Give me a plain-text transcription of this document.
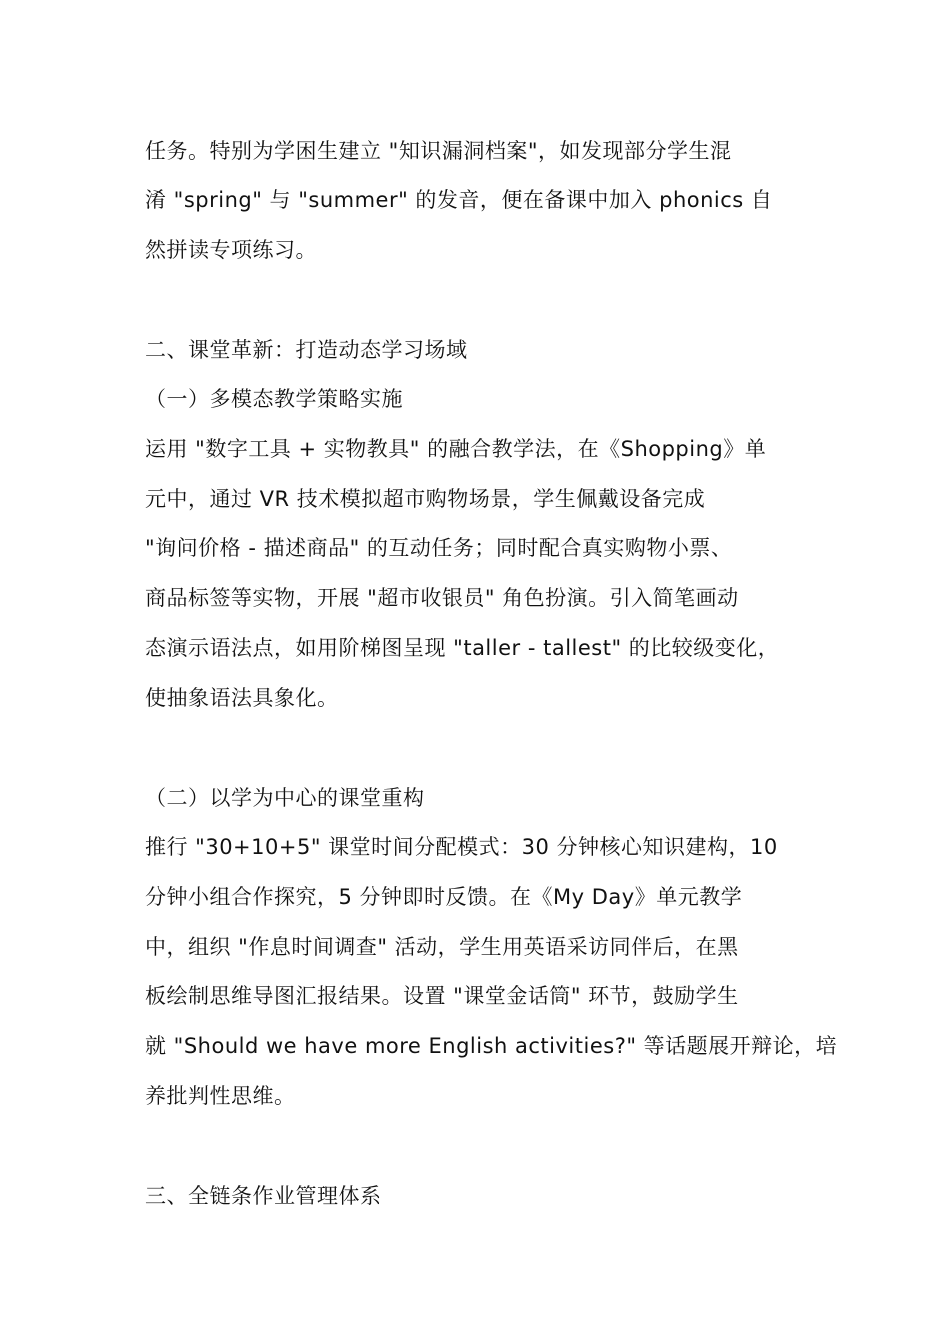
任务。特别为学困生建立 "知识漏洞档案"，如发现部分学生混
淆 "spring" 与 "summer" 的发音，便在备课中加入 phonics 自
然拼读专项练习。
二、课堂革新：打造动态学习场域
（一）多模态教学策略实施
运用 "数字工具 + 实物教具" 的融合教学法，在《Shopping》单
元中，通过 VR 技术模拟超市购物场景，学生佩戴设备完成
"询问价格 - 描述商品" 的互动任务；同时配合真实购物小票、
商品标签等实物，开展 "超市收银员" 角色扮演。引入简笔画动
态演示语法点，如用阶梯图呈现 "taller - tallest" 的比较级变化，
使抽象语法具象化。
（二）以学为中心的课堂重构
推行 "30+10+5" 课堂时间分配模式：30 分钟核心知识建构，10
分钟小组合作探究，5 分钟即时反馈。在《My Day》单元教学
中，组织 "作息时间调查" 活动，学生用英语采访同伴后，在黑
板绘制思维导图汇报结果。设置 "课堂金话筒" 环节，鼓励学生
就 "Should we have more English activities?" 等话题展开辩论，培
养批判性思维。
三、全链条作业管理体系
